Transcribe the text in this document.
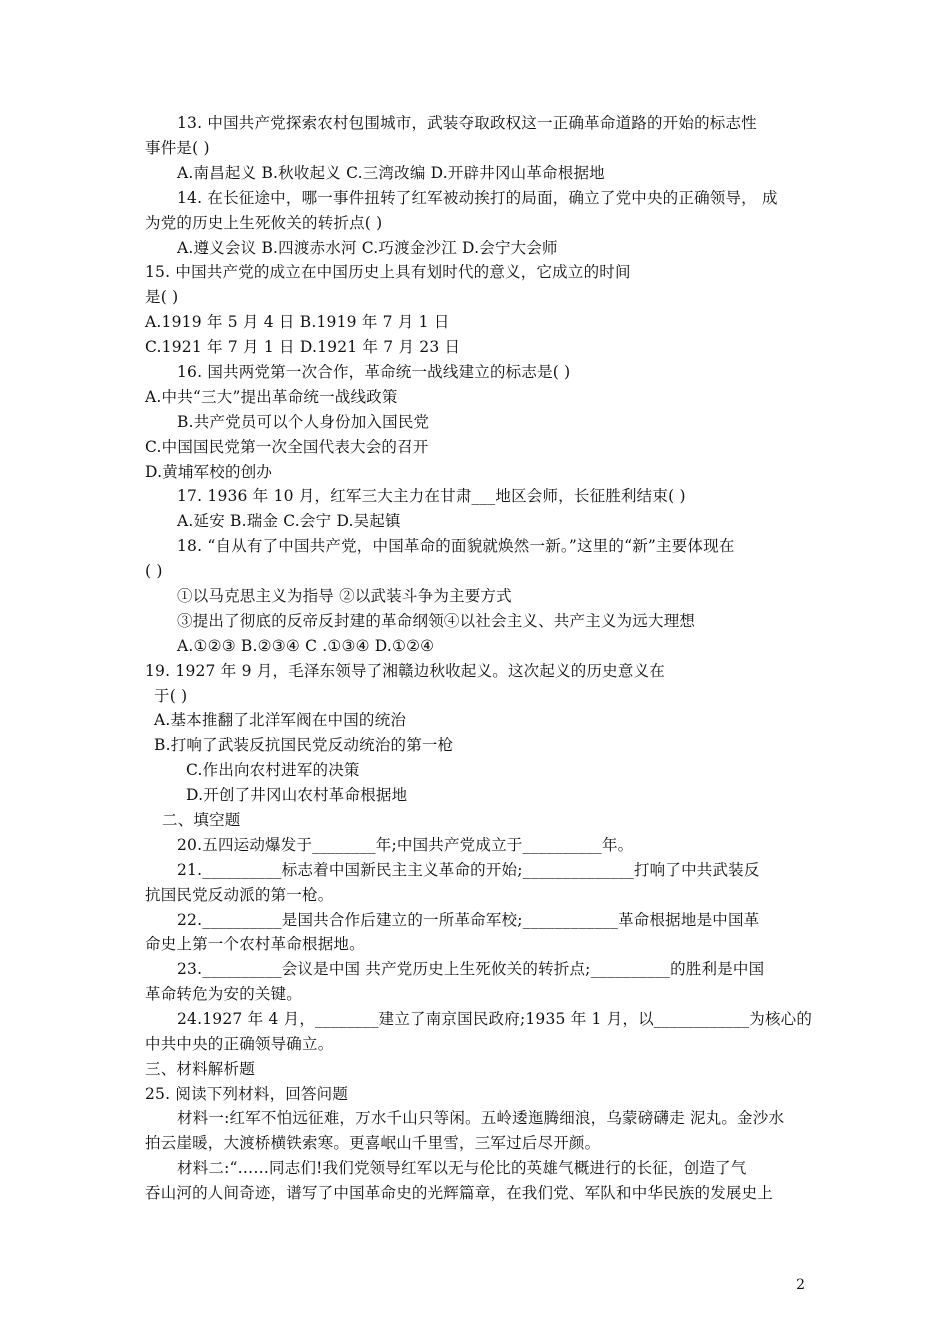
2
13. 中国共产党探索农村包围城市，武装夺取政权这一正确革命道路的开始的标志性
事件是( )
A.南昌起义 B.秋收起义 C.三湾改编 D.开辟井冈山革命根据地
14. 在长征途中，哪一事件扭转了红军被动挨打的局面，确立了党中央的正确领导， 成
为党的历史上生死攸关的转折点( )
A.遵义会议 B.四渡赤水河 C.巧渡金沙江 D.会宁大会师
15. 中国共产党的成立在中国历史上具有划时代的意义，它成立的时间
是( )
A.1919 年 5 月 4 日 B.1919 年 7 月 1 日
C.1921 年 7 月 1 日 D.1921 年 7 月 23 日
16. 国共两党第一次合作，革命统一战线建立的标志是( )
A.中共“三大”提出革命统一战线政策
B.共产党员可以个人身份加入国民党
C.中国国民党第一次全国代表大会的召开
D.黄埔军校的创办
17. 1936 年 10 月，红军三大主力在甘肃___地区会师，长征胜利结束( )
A.延安 B.瑞金 C.会宁 D.吴起镇
18. “自从有了中国共产党，中国革命的面貌就焕然一新。”这里的“新”主要体现在
( )
①以马克思主义为指导 ②以武装斗争为主要方式
③提出了彻底的反帝反封建的革命纲领④以社会主义、共产主义为远大理想
A.①②③ B.②③④ C .①③④ D.①②④
19. 1927 年 9 月，毛泽东领导了湘赣边秋收起义。这次起义的历史意义在
于( )
A.基本推翻了北洋军阀在中国的统治
B.打响了武装反抗国民党反动统治的第一枪
C.作出向农村进军的决策
D.开创了井冈山农村革命根据地
二、填空题
20.五四运动爆发于________年;中国共产党成立于__________年。
21.__________标志着中国新民主主义革命的开始;______________打响了中共武装反
抗国民党反动派的第一枪。
22.__________是国共合作后建立的一所革命军校;____________革命根据地是中国革
命史上第一个农村革命根据地。
23.__________会议是中国 共产党历史上生死攸关的转折点;__________的胜利是中国
革命转危为安的关键。
24.1927 年 4 月，________建立了南京国民政府;1935 年 1 月，以____________为核心的
中共中央的正确领导确立。
三、材料解析题
25. 阅读下列材料，回答问题
材料一:红军不怕远征难，万水千山只等闲。五岭逶迤腾细浪，乌蒙磅礴走 泥丸。金沙水
拍云崖暖，大渡桥横铁索寒。更喜岷山千里雪，三军过后尽开颜。
材料二:“……同志们!我们党领导红军以无与伦比的英雄气概进行的长征，创造了气
吞山河的人间奇迹，谱写了中国革命史的光辉篇章，在我们党、军队和中华民族的发展史上
